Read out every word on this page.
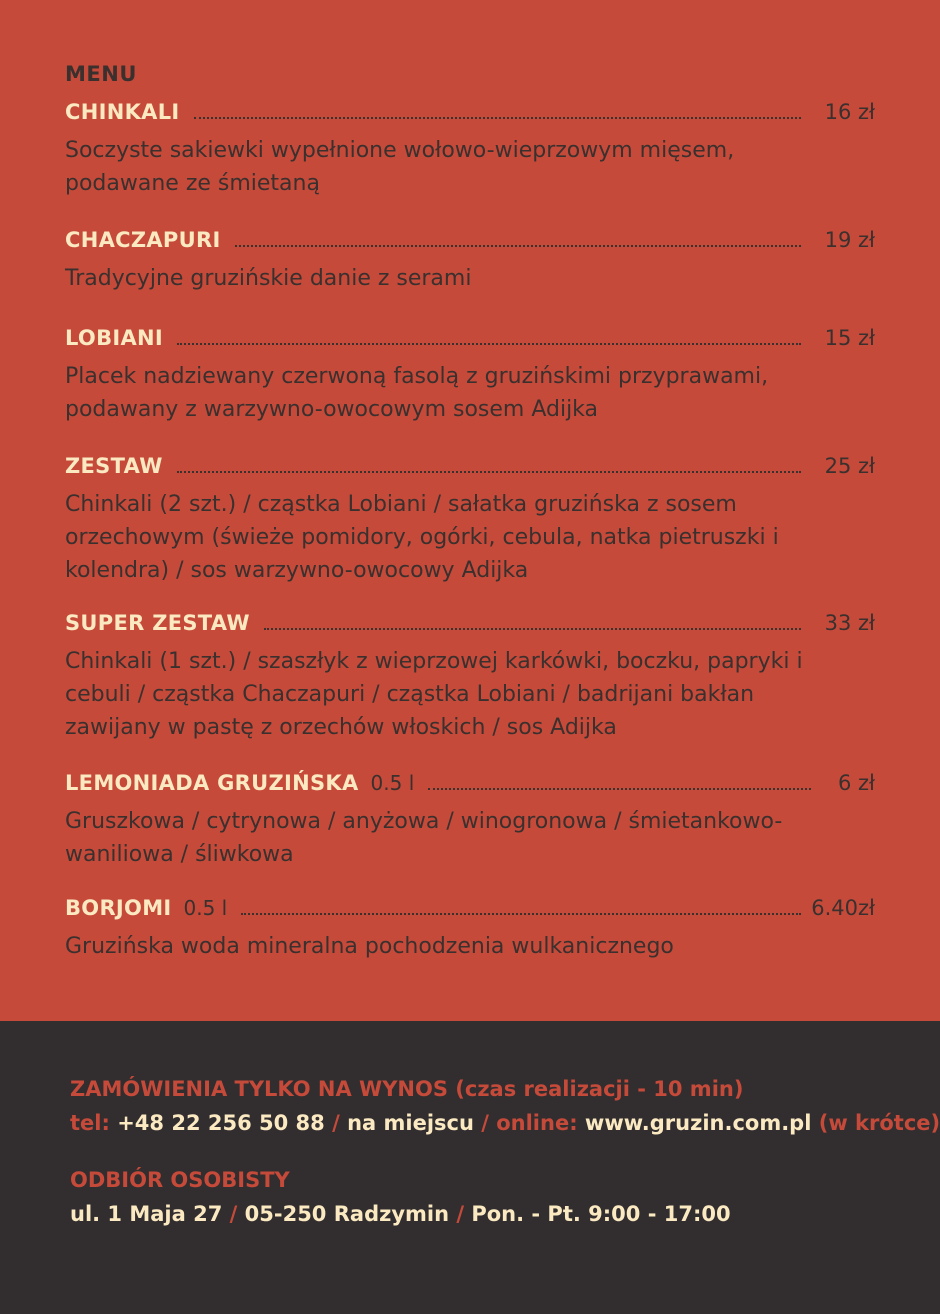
MENU
CHINKALI	16 zł
Soczyste sakiewki wypełnione wołowo-wieprzowym mięsem, podawane ze śmietaną
CHACZAPURI	19 zł
Tradycyjne gruzińskie danie z serami
LOBIANI	15 zł
Placek nadziewany czerwoną fasolą z gruzińskimi przyprawami, podawany z warzywno-owocowym sosem Adijka
ZESTAW	25 zł
Chinkali (2 szt.) / cząstka Lobiani / sałatka gruzińska z sosem orzechowym (świeże pomidory, ogórki, cebula, natka pietruszki i kolendra) / sos warzywno-owocowy Adijka
SUPER ZESTAW	33 zł
Chinkali (1 szt.) / szaszłyk z wieprzowej karkówki, boczku, papryki i cebuli / cząstka Chaczapuri / cząstka Lobiani / badrijani bakłan zawijany w pastę z orzechów włoskich / sos Adijka
LEMONIADA GRUZIŃSKA 0.5 l	6 zł
Gruszkowa / cytrynowa / anyżowa / winogronowa / śmietankowo-waniliowa / śliwkowa
BORJOMI 0.5 l	6.40zł
Gruzińska woda mineralna pochodzenia wulkanicznego
ZAMÓWIENIA TYLKO NA WYNOS (czas realizacji - 10 min)
tel: +48 22 256 50 88 / na miejscu / online: www.gruzin.com.pl (w krótce)
ODBIÓR OSOBISTY
ul. 1 Maja 27 / 05-250 Radzymin / Pon. - Pt. 9:00 - 17:00
